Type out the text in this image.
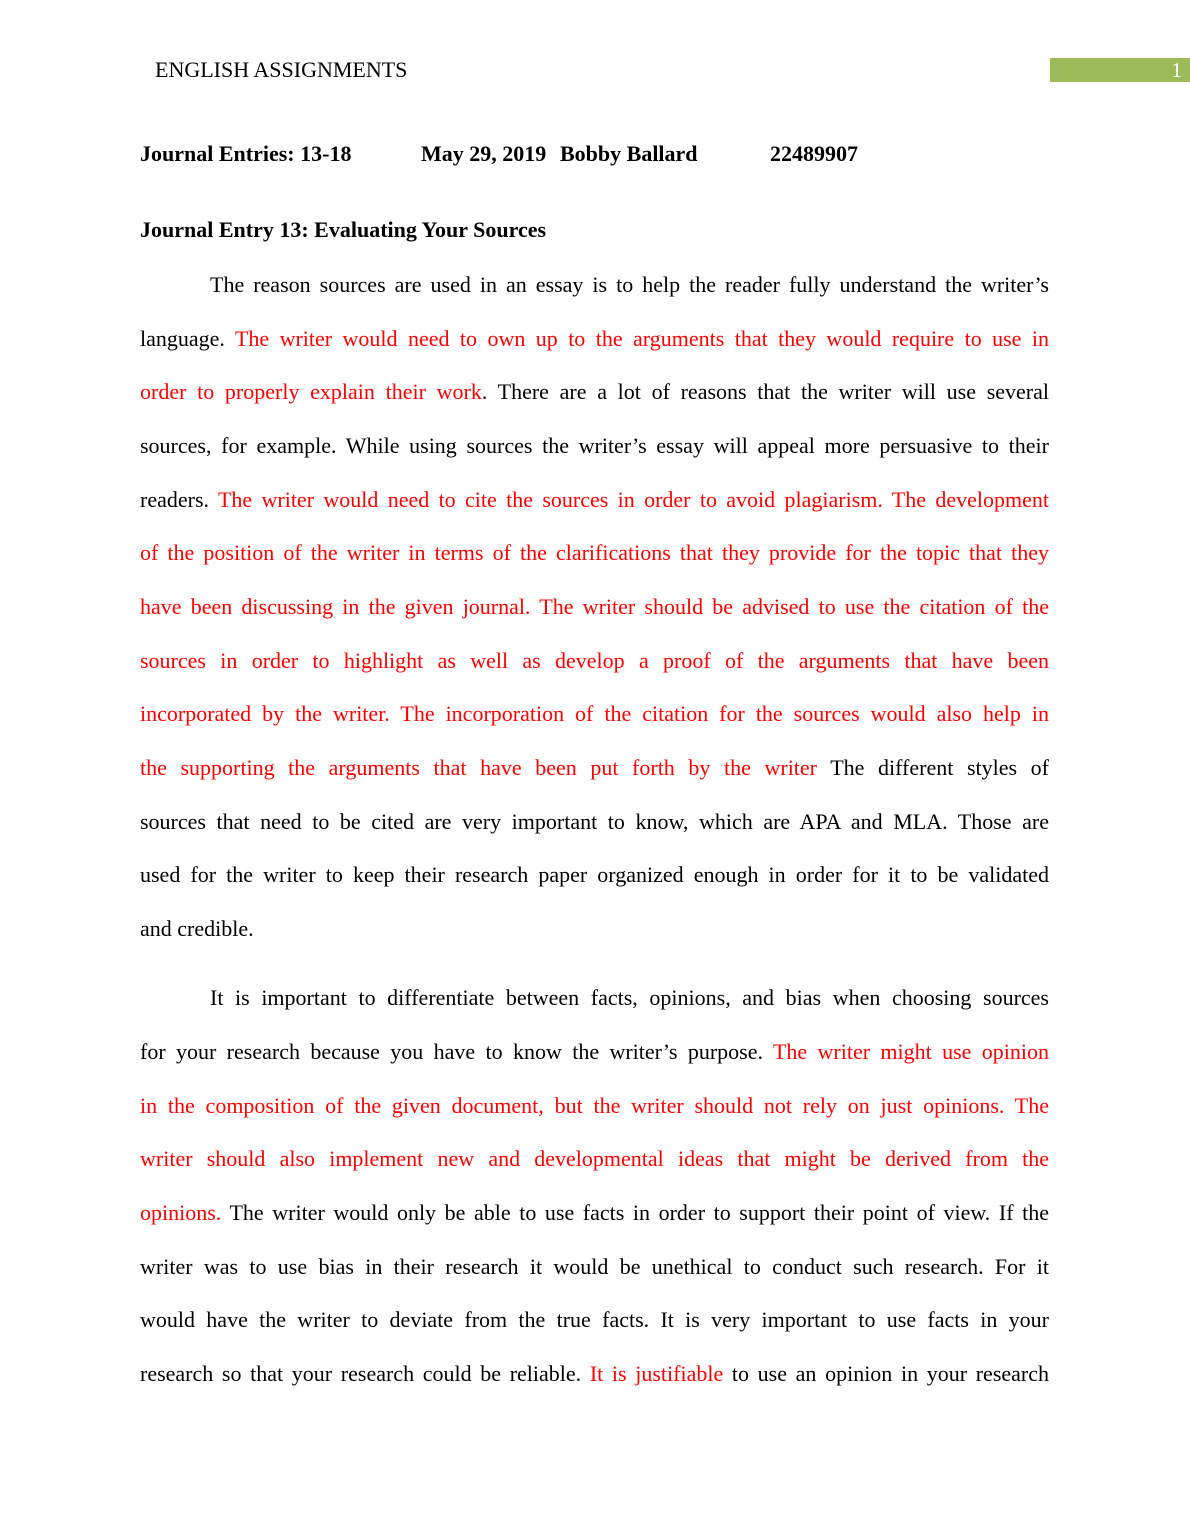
ENGLISH ASSIGNMENTS	1
Journal Entries: 13-18	May 29, 2019 Bobby Ballard	22489907
Journal Entry 13: Evaluating Your Sources
The reason sources are used in an essay is to help the reader fully understand the writer’s
language. The writer would need to own up to the arguments that they would require to use in
order to properly explain their work. There are a lot of reasons that the writer will use several
sources, for example. While using sources the writer’s essay will appeal more persuasive to their
readers. The writer would need to cite the sources in order to avoid plagiarism. The development
of the position of the writer in terms of the clarifications that they provide for the topic that they
have been discussing in the given journal. The writer should be advised to use the citation of the
sources in order to highlight as well as develop a proof of the arguments that have been
incorporated by the writer. The incorporation of the citation for the sources would also help in
the supporting the arguments that have been put forth by the writer The different styles of
sources that need to be cited are very important to know, which are APA and MLA. Those are
used for the writer to keep their research paper organized enough in order for it to be validated
and credible.
It is important to differentiate between facts, opinions, and bias when choosing sources
for your research because you have to know the writer’s purpose. The writer might use opinion
in the composition of the given document, but the writer should not rely on just opinions. The
writer should also implement new and developmental ideas that might be derived from the
opinions. The writer would only be able to use facts in order to support their point of view. If the
writer was to use bias in their research it would be unethical to conduct such research. For it
would have the writer to deviate from the true facts. It is very important to use facts in your
research so that your research could be reliable. It is justifiable to use an opinion in your research
